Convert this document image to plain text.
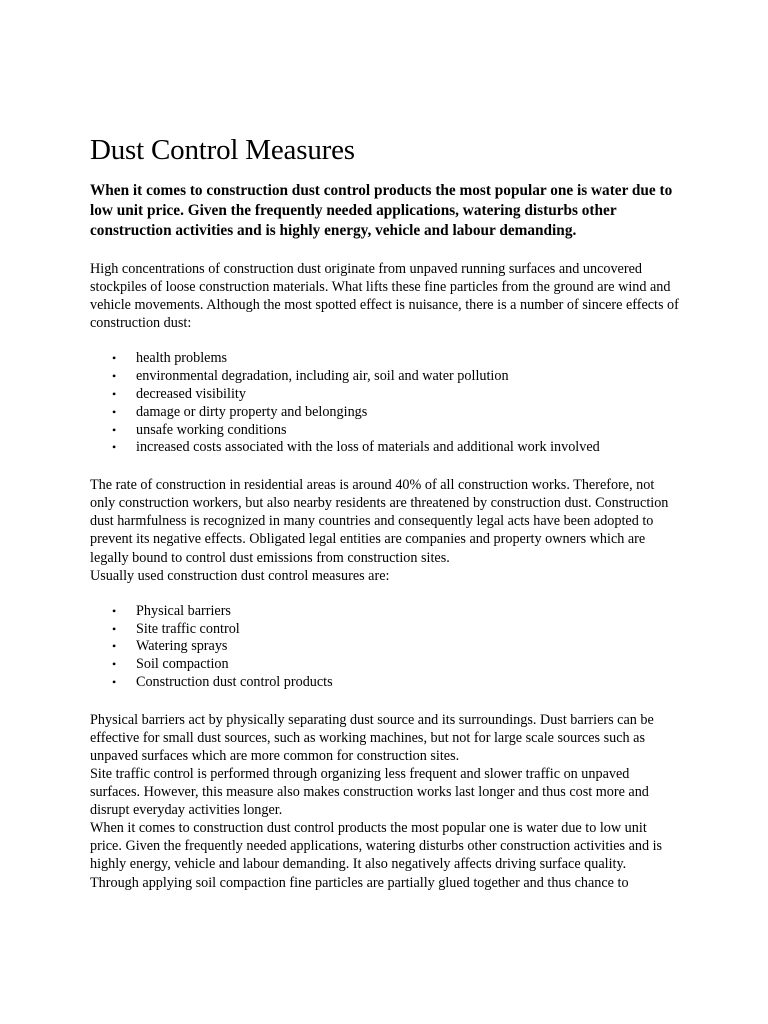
Dust Control Measures

When it comes to construction dust control products the most popular one is water due to low unit price. Given the frequently needed applications, watering disturbs other construction activities and is highly energy, vehicle and labour demanding.

High concentrations of construction dust originate from unpaved running surfaces and uncovered stockpiles of loose construction materials. What lifts these fine particles from the ground are wind and vehicle movements. Although the most spotted effect is nuisance, there is a number of sincere effects of construction dust:

• health problems
• environmental degradation, including air, soil and water pollution
• decreased visibility
• damage or dirty property and belongings
• unsafe working conditions
• increased costs associated with the loss of materials and additional work involved

The rate of construction in residential areas is around 40% of all construction works. Therefore, not only construction workers, but also nearby residents are threatened by construction dust. Construction dust harmfulness is recognized in many countries and consequently legal acts have been adopted to prevent its negative effects. Obligated legal entities are companies and property owners which are legally bound to control dust emissions from construction sites.

Usually used construction dust control measures are:

• Physical barriers
• Site traffic control
• Watering sprays
• Soil compaction
• Construction dust control products

Physical barriers act by physically separating dust source and its surroundings. Dust barriers can be effective for small dust sources, such as working machines, but not for large scale sources such as unpaved surfaces which are more common for construction sites.

Site traffic control is performed through organizing less frequent and slower traffic on unpaved surfaces. However, this measure also makes construction works last longer and thus cost more and disrupt everyday activities longer.

When it comes to construction dust control products the most popular one is water due to low unit price. Given the frequently needed applications, watering disturbs other construction activities and is highly energy, vehicle and labour demanding. It also negatively affects driving surface quality.

Through applying soil compaction fine particles are partially glued together and thus chance to
